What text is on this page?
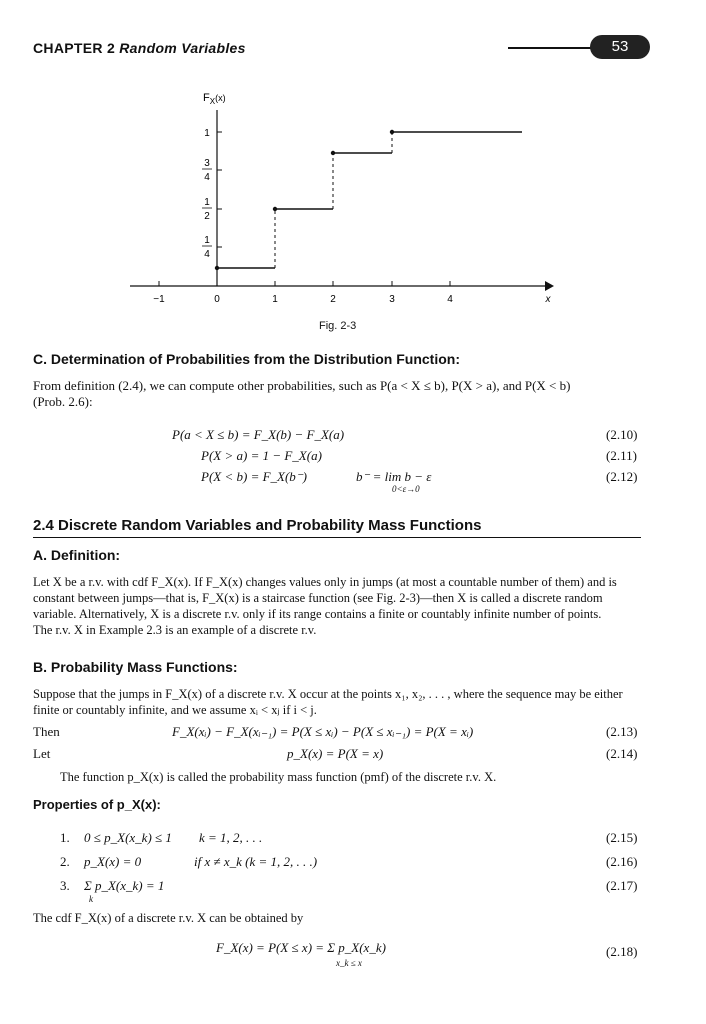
CHAPTER 2 Random Variables	53
$F_X^{(x)}$
1
3
4
1
2
1
4
−1	0	1	2	3	4	x
Fig. 2-3
C. Determination of Probabilities from the Distribution Function:
From definition (2.4), we can compute other probabilities, such as P(a < X ≤ b), P(X > a), and P(X < b)
(Prob. 2.6):
P(a < X ≤ b) = F_X(b) − F_X(a)	(2.10)
P(X > a) = 1 − F_X(a)	(2.11)
P(X < b) = F_X(b⁻)	b⁻ = lim b − ε
0<ε→0
(2.12)
2.4 Discrete Random Variables and Probability Mass Functions
A. Definition:
Let X be a r.v. with cdf F_X(x). If F_X(x) changes values only in jumps (at most a countable number of them) and is
constant between jumps—that is, F_X(x) is a staircase function (see Fig. 2-3)—then X is called a discrete random
variable. Alternatively, X is a discrete r.v. only if its range contains a finite or countably infinite number of points.
The r.v. X in Example 2.3 is an example of a discrete r.v.
B. Probability Mass Functions:
Suppose that the jumps in F_X(x) of a discrete r.v. X occur at the points x₁, x₂, . . . , where the sequence may be either
finite or countably infinite, and we assume xᵢ < xⱼ if i < j.
Then	F_X(xᵢ) − F_X(xᵢ₋₁) = P(X ≤ xᵢ) − P(X ≤ xᵢ₋₁) = P(X = xᵢ)	(2.13)
Let	p_X(x) = P(X = x)	(2.14)
The function p_X(x) is called the probability mass function (pmf) of the discrete r.v. X.
Properties of p_X(x):
1. 0 ≤ p_X(x_k) ≤ 1 k = 1, 2, . . .	(2.15)
2. p_X(x) = 0	if x ≠ x_k (k = 1, 2, . . .)	(2.16)
3. Σ p_X(x_k) = 1
k
(2.17)
The cdf F_X(x) of a discrete r.v. X can be obtained by
F_X(x) = P(X ≤ x) = Σ p_X(x_k)
x_k ≤ x
(2.18)
